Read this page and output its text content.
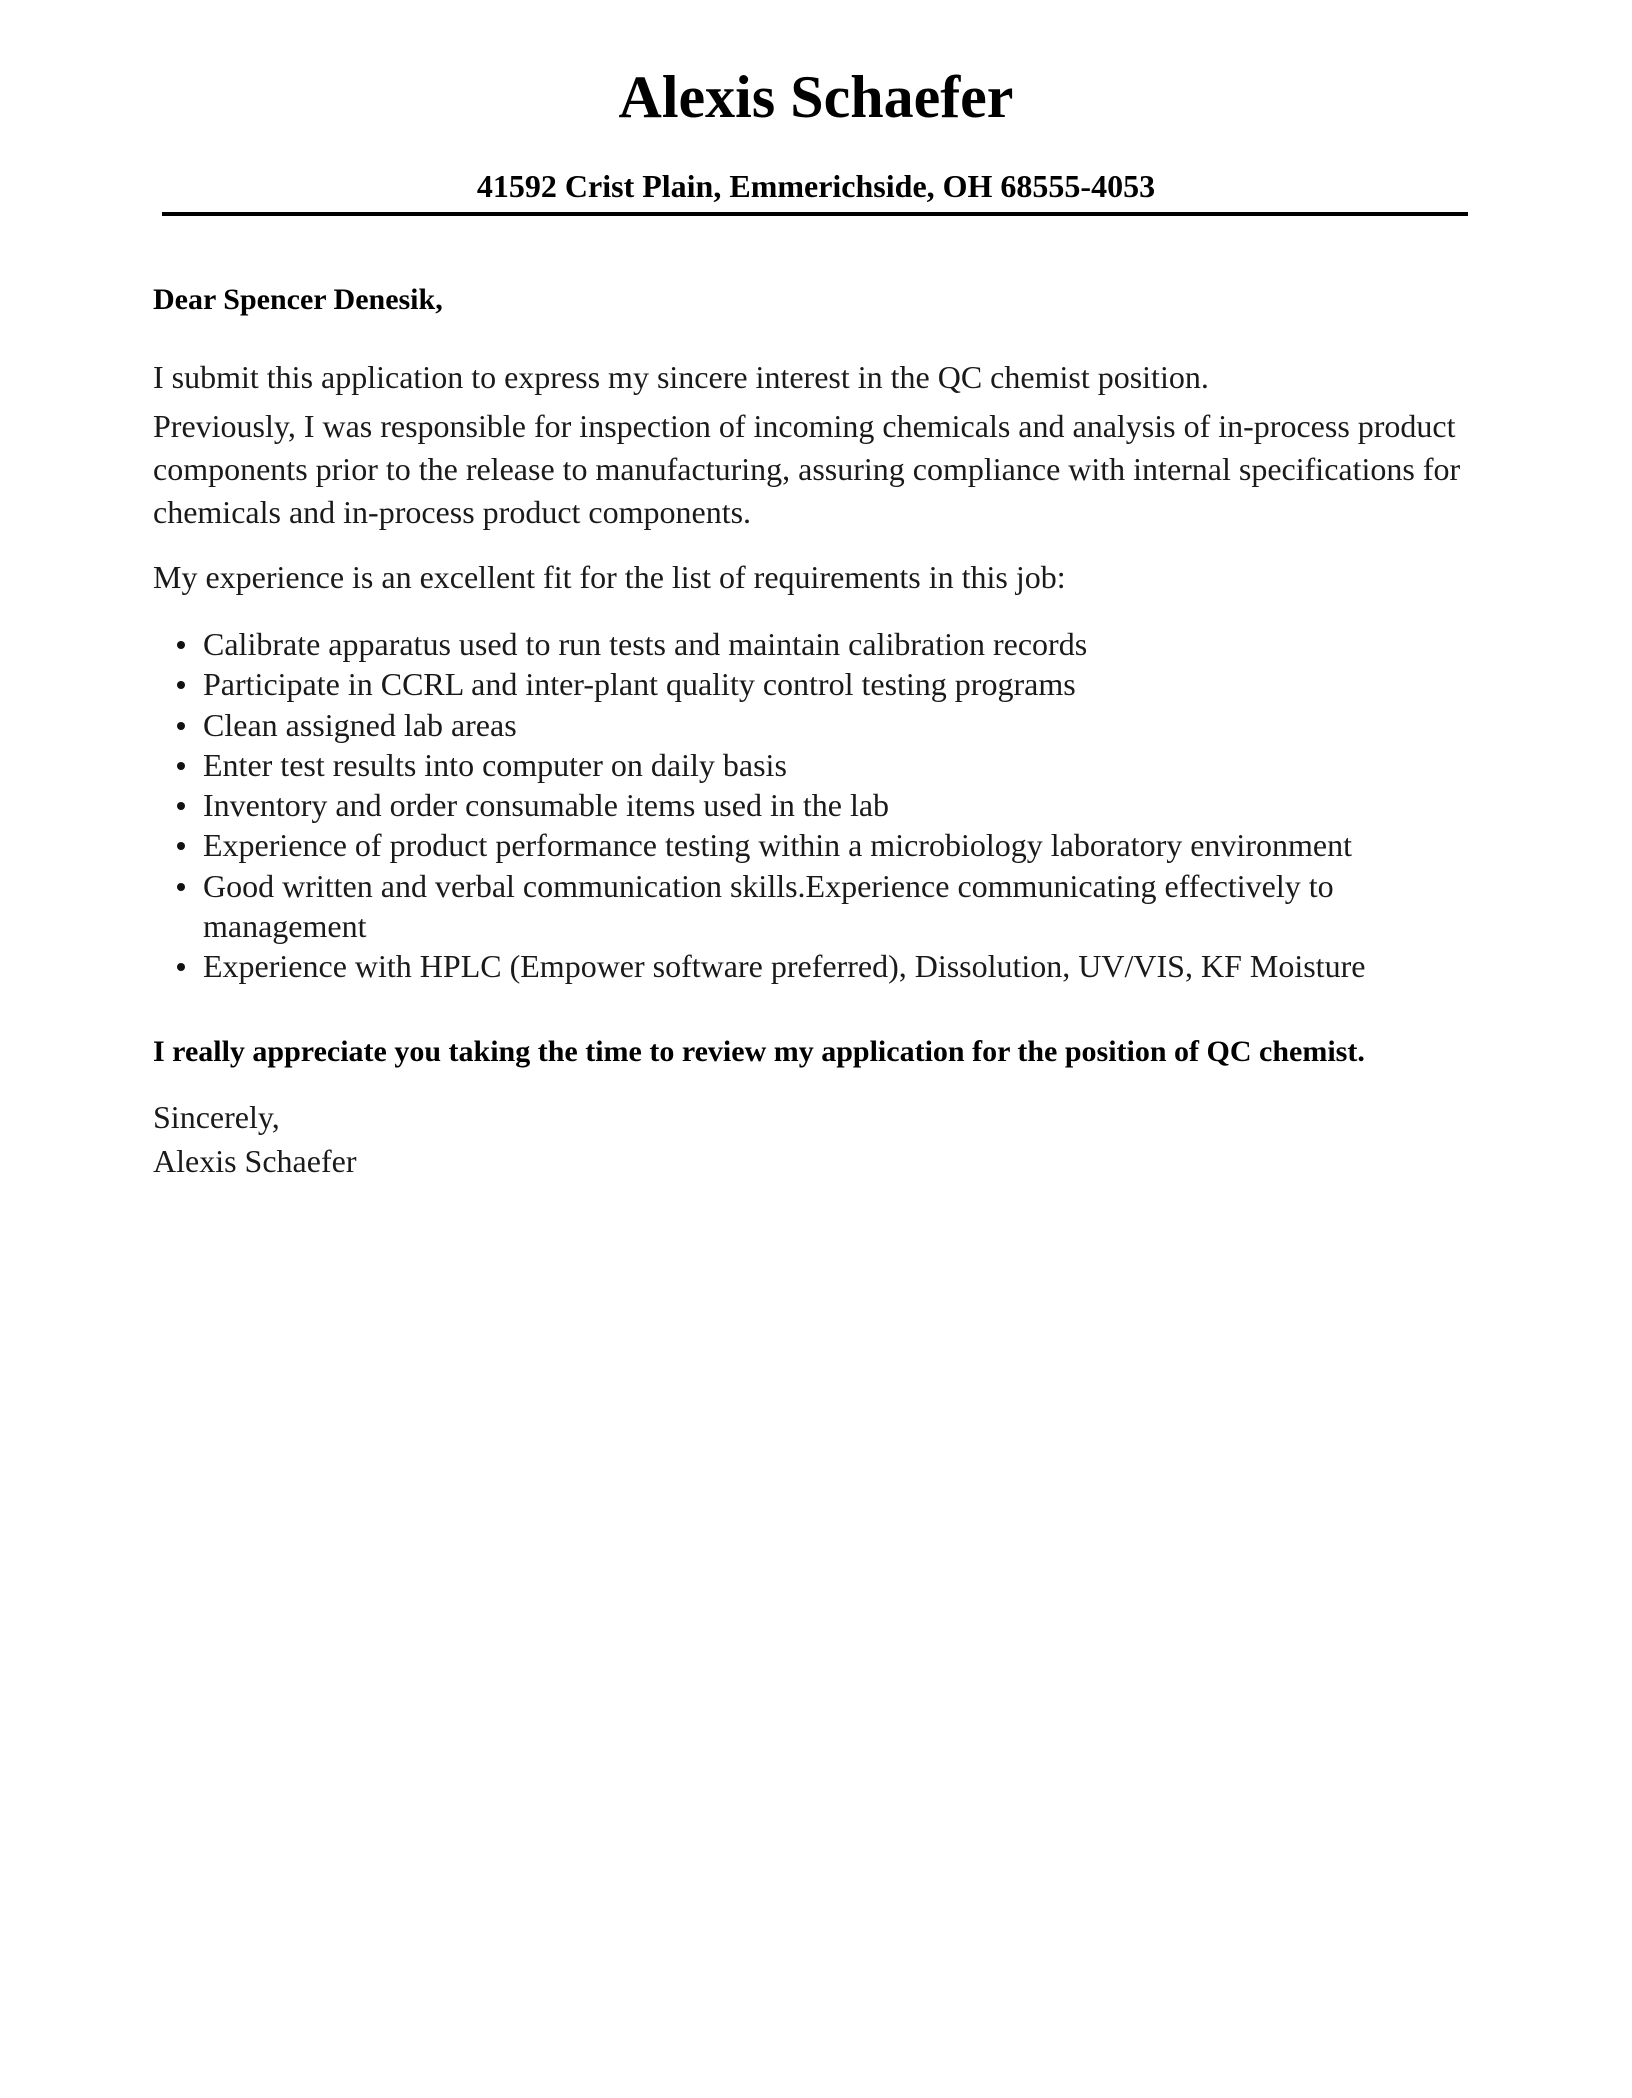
Alexis Schaefer
41592 Crist Plain, Emmerichside, OH 68555-4053
Dear Spencer Denesik,

I submit this application to express my sincere interest in the QC chemist position.

Previously, I was responsible for inspection of incoming chemicals and analysis of in-process product components prior to the release to manufacturing, assuring compliance with internal specifications for chemicals and in-process product components.

My experience is an excellent fit for the list of requirements in this job:

Calibrate apparatus used to run tests and maintain calibration records
Participate in CCRL and inter-plant quality control testing programs
Clean assigned lab areas
Enter test results into computer on daily basis
Inventory and order consumable items used in the lab
Experience of product performance testing within a microbiology laboratory environment
Good written and verbal communication skills.Experience communicating effectively to management
Experience with HPLC (Empower software preferred), Dissolution, UV/VIS, KF Moisture
I really appreciate you taking the time to review my application for the position of QC chemist.
Sincerely,
Alexis Schaefer
